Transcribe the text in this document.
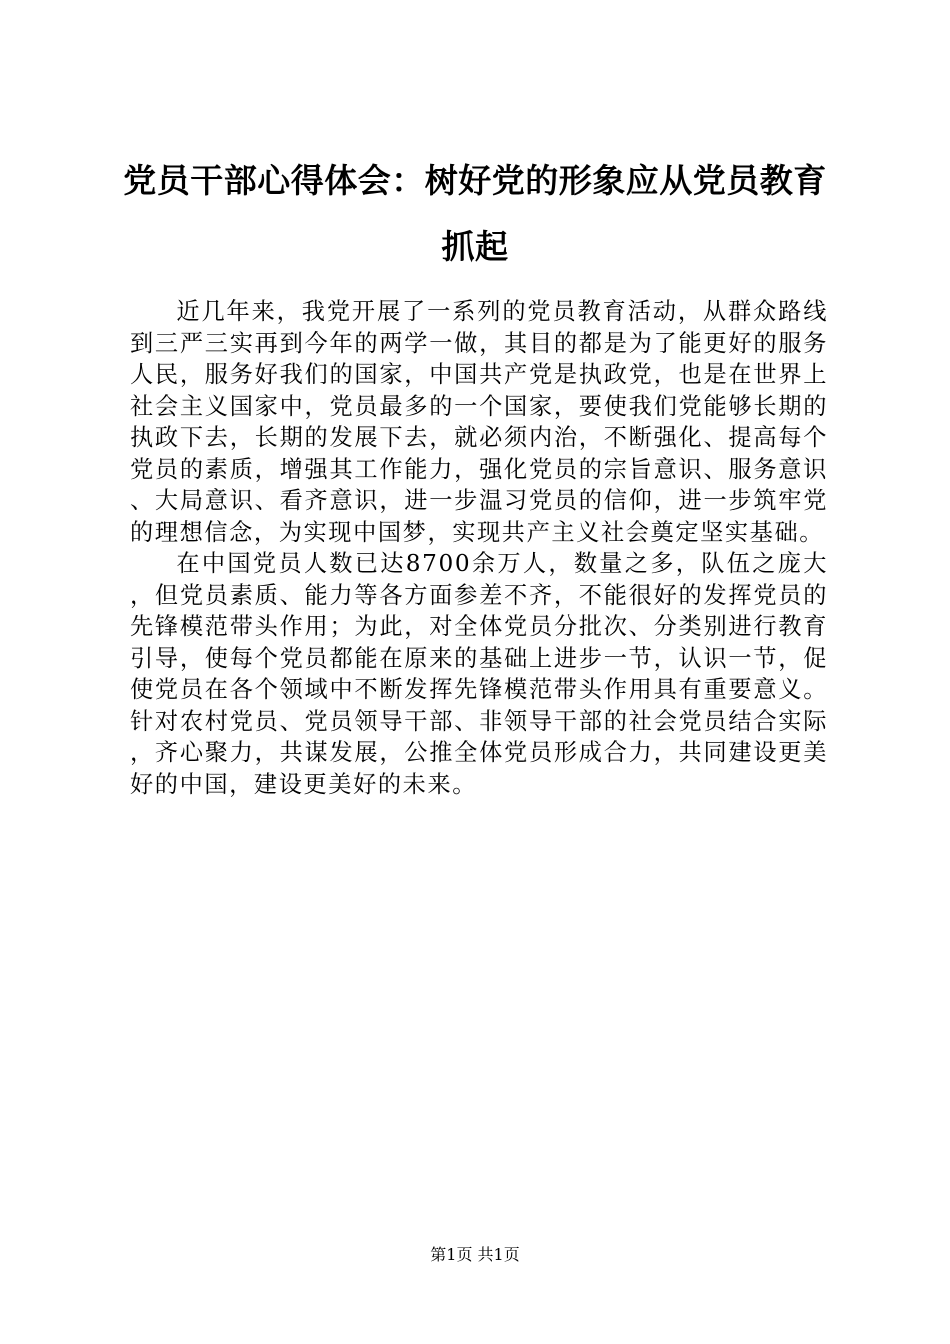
党员干部心得体会：树好党的形象应从党员教育抓起

近几年来，我党开展了一系列的党员教育活动，从群众路线到三严三实再到今年的两学一做，其目的都是为了能更好的服务人民，服务好我们的国家，中国共产党是执政党，也是在世界上社会主义国家中，党员最多的一个国家，要使我们党能够长期的执政下去，长期的发展下去，就必须内治，不断强化、提高每个党员的素质，增强其工作能力，强化党员的宗旨意识、服务意识、大局意识、看齐意识，进一步温习党员的信仰，进一步筑牢党的理想信念，为实现中国梦，实现共产主义社会奠定坚实基础。

在中国党员人数已达8700余万人，数量之多，队伍之庞大，但党员素质、能力等各方面参差不齐，不能很好的发挥党员的先锋模范带头作用；为此，对全体党员分批次、分类别进行教育引导，使每个党员都能在原来的基础上进步一节，认识一节，促使党员在各个领域中不断发挥先锋模范带头作用具有重要意义。针对农村党员、党员领导干部、非领导干部的社会党员结合实际，齐心聚力，共谋发展，公推全体党员形成合力，共同建设更美好的中国，建设更美好的未来。

第1页 共1页
